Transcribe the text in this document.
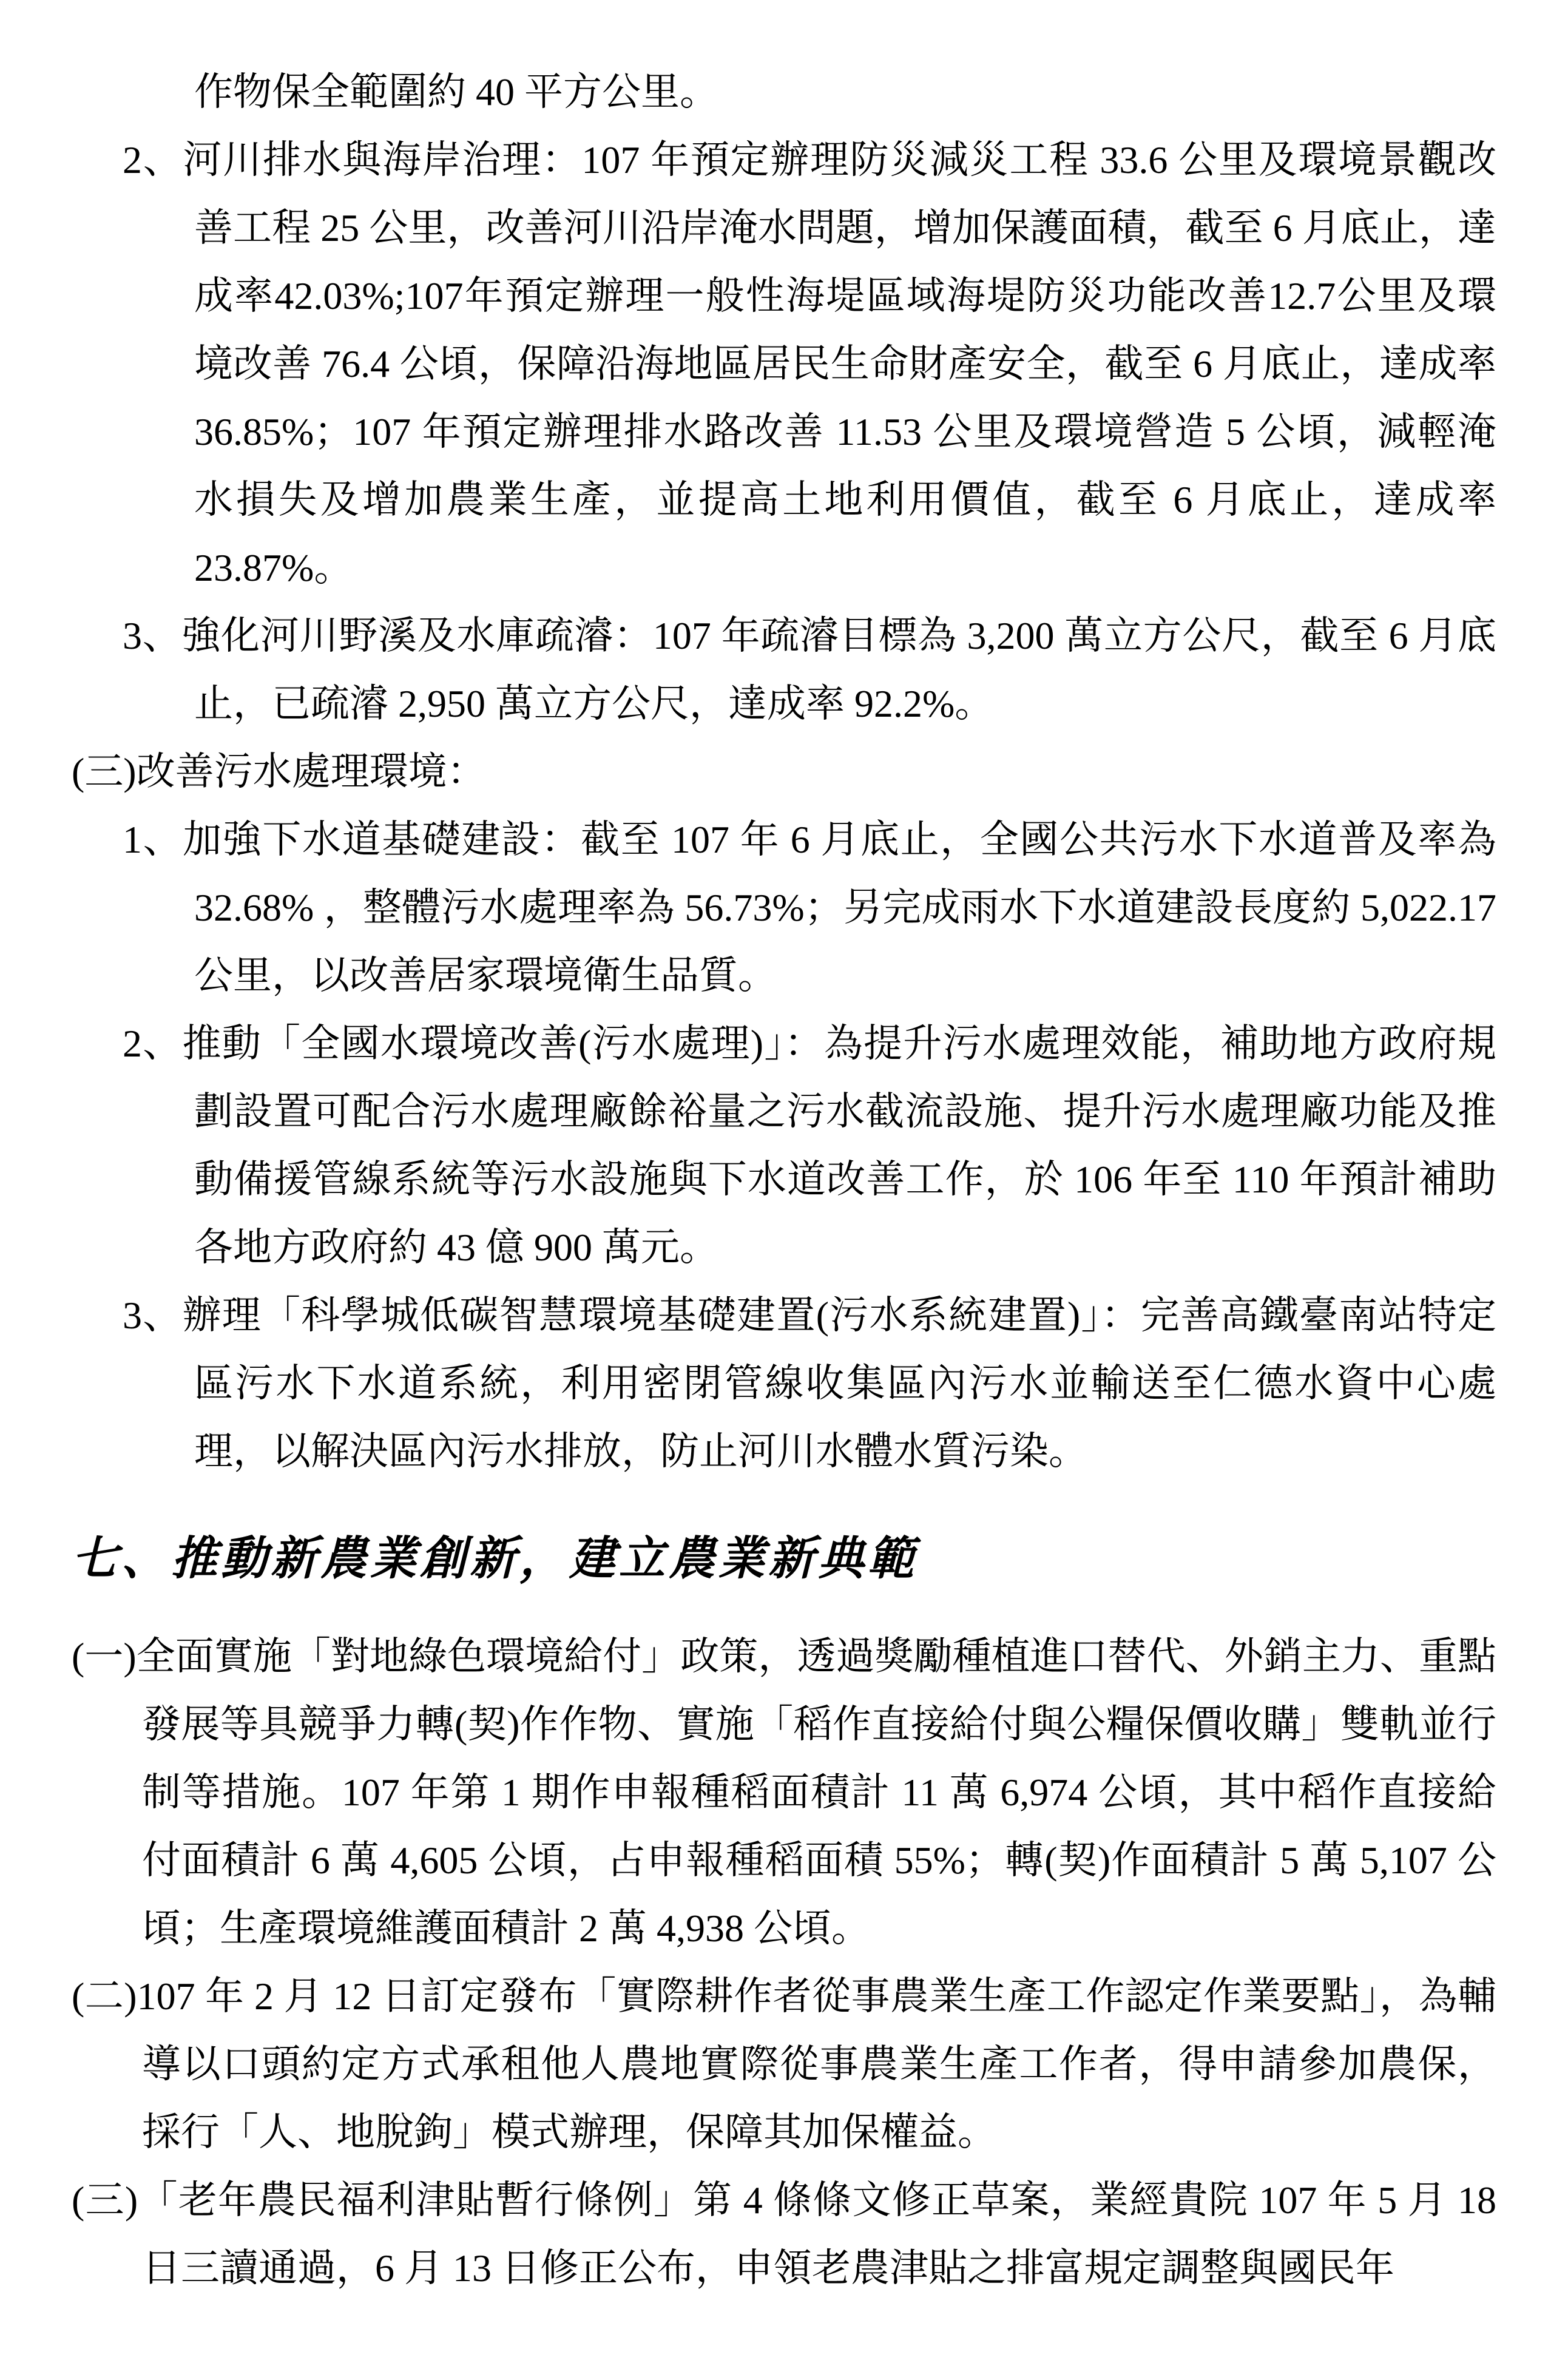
作物保全範圍約 40 平方公里。

2、河川排水與海岸治理：107 年預定辦理防災減災工程 33.6 公里及環境景觀改善工程 25 公里，改善河川沿岸淹水問題，增加保護面積，截至 6 月底止，達成率42.03%;107年預定辦理一般性海堤區域海堤防災功能改善12.7公里及環境改善 76.4 公頃，保障沿海地區居民生命財產安全，截至 6 月底止，達成率 36.85%；107 年預定辦理排水路改善 11.53 公里及環境營造 5 公頃，減輕淹水損失及增加農業生產，並提高土地利用價值，截至 6 月底止，達成率 23.87%。

3、強化河川野溪及水庫疏濬：107 年疏濬目標為 3,200 萬立方公尺，截至 6 月底止，已疏濬 2,950 萬立方公尺，達成率 92.2%。

(三)改善污水處理環境：

1、加強下水道基礎建設：截至 107 年 6 月底止，全國公共污水下水道普及率為 32.68% ，整體污水處理率為 56.73%；另完成雨水下水道建設長度約 5,022.17 公里，以改善居家環境衛生品質。

2、推動「全國水環境改善(污水處理)」：為提升污水處理效能，補助地方政府規劃設置可配合污水處理廠餘裕量之污水截流設施、提升污水處理廠功能及推動備援管線系統等污水設施與下水道改善工作，於 106 年至 110 年預計補助各地方政府約 43 億 900 萬元。

3、辦理「科學城低碳智慧環境基礎建置(污水系統建置)」：完善高鐵臺南站特定區污水下水道系統，利用密閉管線收集區內污水並輸送至仁德水資中心處理，以解決區內污水排放，防止河川水體水質污染。

七、推動新農業創新，建立農業新典範

(一)全面實施「對地綠色環境給付」政策，透過獎勵種植進口替代、外銷主力、重點發展等具競爭力轉(契)作作物、實施「稻作直接給付與公糧保價收購」雙軌並行制等措施。107 年第 1 期作申報種稻面積計 11 萬 6,974 公頃，其中稻作直接給付面積計 6 萬 4,605 公頃，占申報種稻面積 55%；轉(契)作面積計 5 萬 5,107 公頃；生產環境維護面積計 2 萬 4,938 公頃。

(二)107 年 2 月 12 日訂定發布「實際耕作者從事農業生產工作認定作業要點」，為輔導以口頭約定方式承租他人農地實際從事農業生產工作者，得申請參加農保，採行「人、地脫鉤」模式辦理，保障其加保權益。

(三)「老年農民福利津貼暫行條例」第 4 條條文修正草案，業經貴院 107 年 5 月 18 日三讀通過，6 月 13 日修正公布，申領老農津貼之排富規定調整與國民年
